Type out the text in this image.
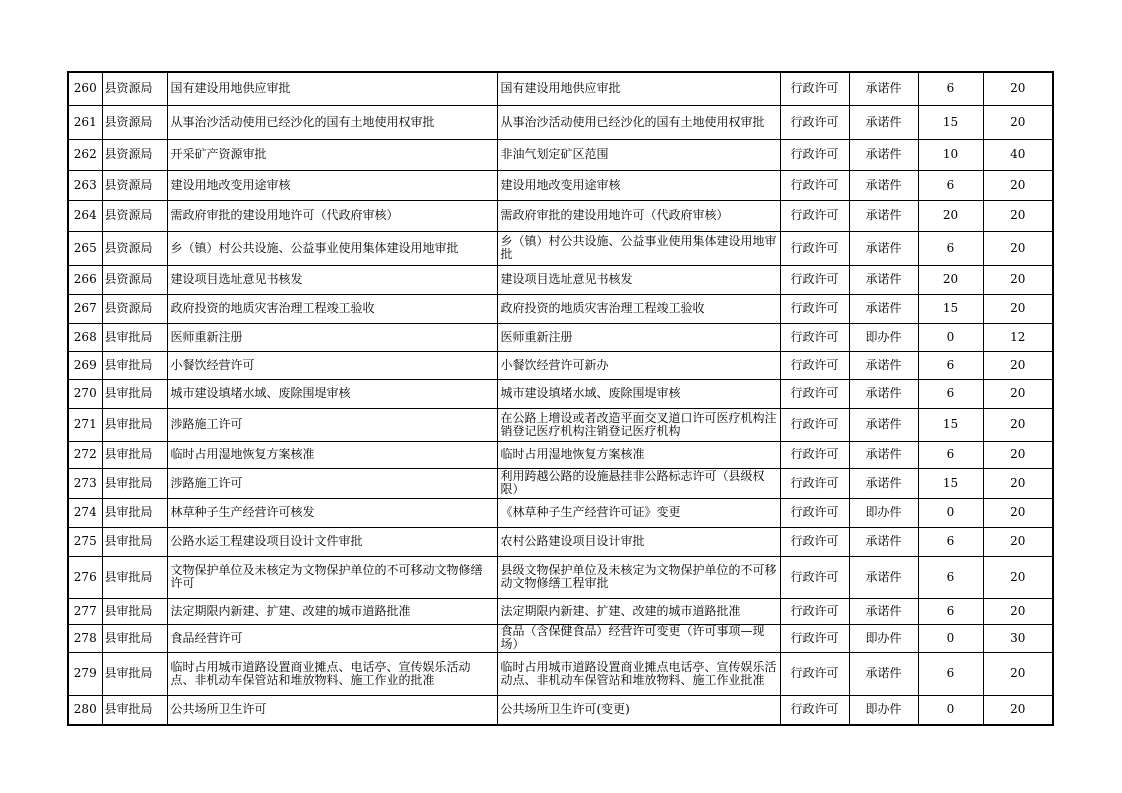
260	县资源局	国有建设用地供应审批	国有建设用地供应审批	行政许可	承诺件	6	20

261	县资源局	从事治沙活动使用已经沙化的国有土地使用权审批	从事治沙活动使用已经沙化的国有土地使用权审批	行政许可	承诺件	15	20

262	县资源局	开采矿产资源审批	非油气划定矿区范围	行政许可	承诺件	10	40

263	县资源局	建设用地改变用途审核	建设用地改变用途审核	行政许可	承诺件	6	20

264	县资源局	需政府审批的建设用地许可（代政府审核）	需政府审批的建设用地许可（代政府审核）	行政许可	承诺件	20	20

265	县资源局	乡（镇）村公共设施、公益事业使用集体建设用地审批	乡（镇）村公共设施、公益事业使用集体建设用地审批	行政许可	承诺件	6	20

266	县资源局	建设项目选址意见书核发	建设项目选址意见书核发	行政许可	承诺件	20	20

267	县资源局	政府投资的地质灾害治理工程竣工验收	政府投资的地质灾害治理工程竣工验收	行政许可	承诺件	15	20

268	县审批局	医师重新注册	医师重新注册	行政许可	即办件	0	12

269	县审批局	小餐饮经营许可	小餐饮经营许可新办	行政许可	承诺件	6	20

270	县审批局	城市建设填堵水域、废除围堤审核	城市建设填堵水域、废除围堤审核	行政许可	承诺件	6	20

271	县审批局	涉路施工许可	在公路上增设或者改造平面交叉道口许可医疗机构注销登记医疗机构注销登记医疗机构	行政许可	承诺件	15	20

272	县审批局	临时占用湿地恢复方案核准	临时占用湿地恢复方案核准	行政许可	承诺件	6	20

273	县审批局	涉路施工许可	利用跨越公路的设施悬挂非公路标志许可（县级权限）	行政许可	承诺件	15	20

274	县审批局	林草种子生产经营许可核发	《林草种子生产经营许可证》变更	行政许可	即办件	0	20

275	县审批局	公路水运工程建设项目设计文件审批	农村公路建设项目设计审批	行政许可	承诺件	6	20

276	县审批局	文物保护单位及未核定为文物保护单位的不可移动文物修缮许可	县级文物保护单位及未核定为文物保护单位的不可移动文物修缮工程审批	行政许可	承诺件	6	20

277	县审批局	法定期限内新建、扩建、改建的城市道路批准	法定期限内新建、扩建、改建的城市道路批准	行政许可	承诺件	6	20

278	县审批局	食品经营许可	食品（含保健食品）经营许可变更（许可事项—现场）	行政许可	即办件	0	30

279	县审批局	临时占用城市道路设置商业摊点、电话亭、宣传娱乐活动点、非机动车保管站和堆放物料、施工作业的批准	临时占用城市道路设置商业摊点电话亭、宣传娱乐活动点、非机动车保管站和堆放物料、施工作业批准	行政许可	承诺件	6	20

280	县审批局	公共场所卫生许可	公共场所卫生许可(变更)	行政许可	即办件	0	20
